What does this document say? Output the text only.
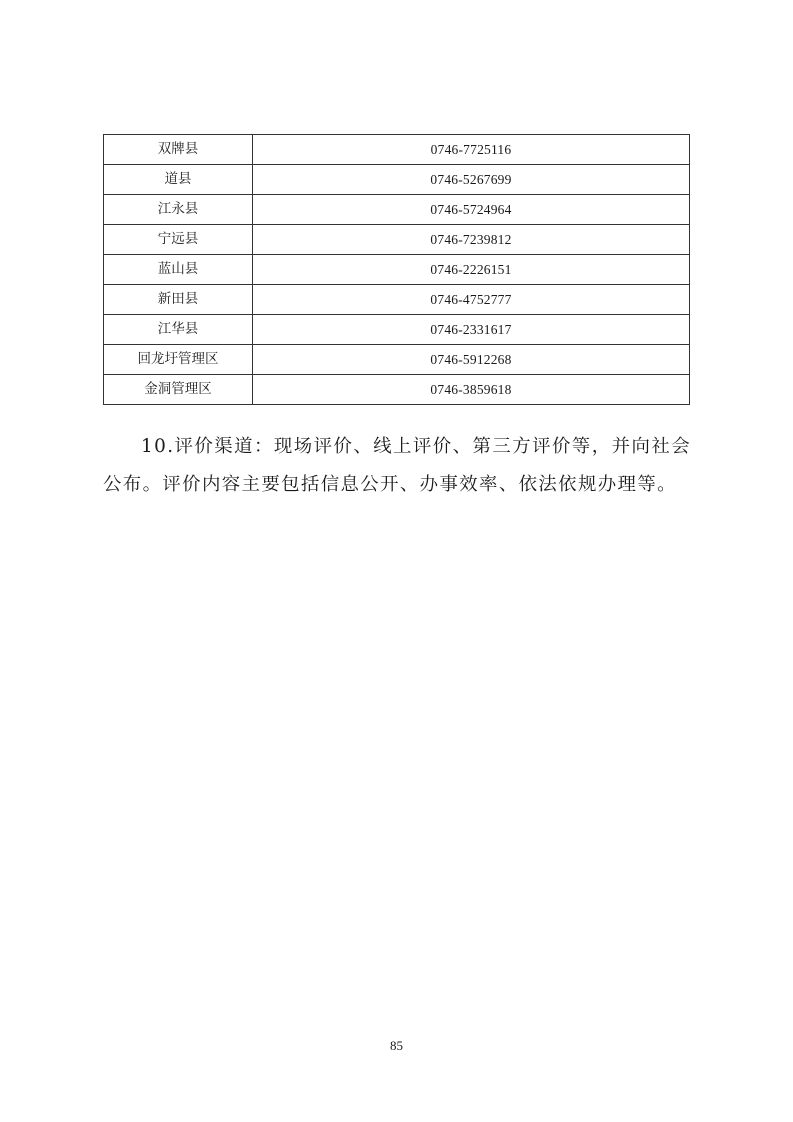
双牌县	0746-7725116
道县	0746-5267699
江永县	0746-5724964
宁远县	0746-7239812
蓝山县	0746-2226151
新田县	0746-4752777
江华县	0746-2331617
回龙圩管理区	0746-5912268
金洞管理区	0746-3859618

10.评价渠道：现场评价、线上评价、第三方评价等，并向社会公布。评价内容主要包括信息公开、办事效率、依法依规办理等。

85
